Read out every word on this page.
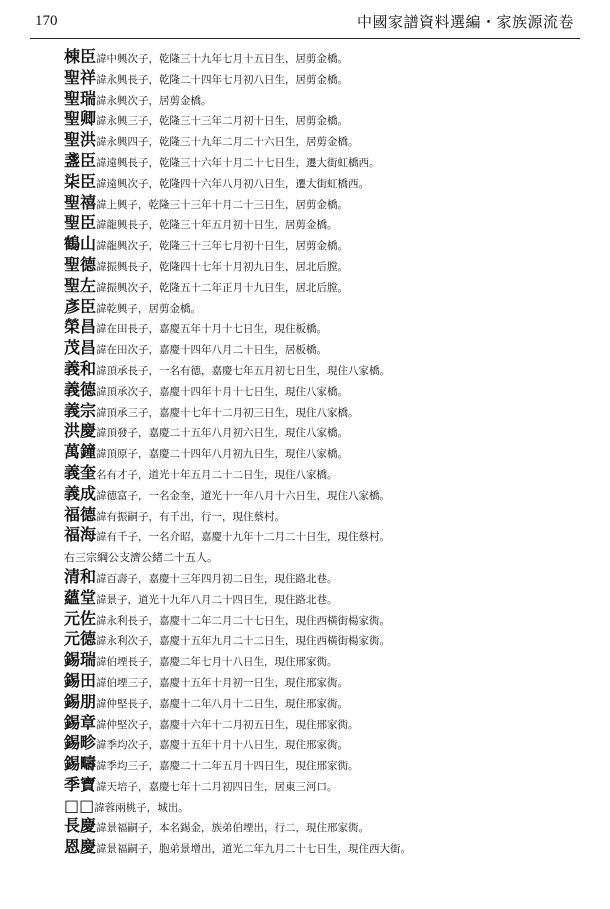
170	中國家譜資料選編・家族源流卷
棟臣諱中興次子，乾隆三十九年七月十五日生，居剪金橋。
聖祥諱永興長子，乾隆二十四年七月初八日生，居剪金橋。
聖瑞諱永興次子，居剪金橋。
聖卿諱永興三子，乾隆三十三年二月初十日生，居剪金橋。
聖洪諱永興四子，乾隆三十九年二月二十六日生，居剪金橋。
盞臣諱遠興長子，乾隆三十六年十月二十七日生，遷大街虹橋西。
柒臣諱遠興次子，乾隆四十六年八月初八日生，遷大街虹橋西。
聖禧諱上興子，乾隆三十三年十月二十三日生，居剪金橋。
聖臣諱龍興長子，乾隆三十年五月初十日生，居剪金橋。
鶴山諱龍興次子，乾隆三十三年七月初十日生，居剪金橋。
聖德諱振興長子，乾隆四十七年十月初九日生，居北后膛。
聖左諱振興次子，乾隆五十二年正月十九日生，居北后膛。
彥臣諱乾興子，居剪金橋。
榮昌諱在田長子，嘉慶五年十月十七日生，現住板橋。
茂昌諱在田次子，嘉慶十四年八月二十日生，居板橋。
義和諱頂承長子，一名有德，嘉慶七年五月初七日生，現住八家橋。
義德諱頂承次子，嘉慶十四年十月十七日生，現住八家橋。
義宗諱頂承三子，嘉慶十七年十二月初三日生，現住八家橋。
洪慶諱頂發子，嘉慶二十五年八月初六日生，現住八家橋。
萬鐘諱頂原子，嘉慶二十四年八月初九日生，現住八家橋。
義奎名有才子，道光十年五月二十二日生，現住八家橋。
義成諱德富子，一名金奎，道光十一年八月十六日生，現住八家橋。
福德諱有振嗣子，有千出，行一，現住蔡村。
福海諱有千子，一名介昭，嘉慶十九年十二月二十日生，現住蔡村。
右三宗綱公支濟公緒二十五人。
清和諱百壽子，嘉慶十三年四月初二日生，現住路北巷。
蘊堂諱景子，道光十九年八月二十四日生，現住路北巷。
元佐諱永利長子，嘉慶十二年二月二十七日生，現住西橫街楊家衖。
元德諱永利次子，嘉慶十五年九月二十二日生，現住西橫街楊家衖。
錫瑞諱伯堙長子，嘉慶二年七月十八日生，現住邢家衖。
錫田諱伯堙三子，嘉慶十五年十月初一日生，現住邢家衖。
錫朋諱仲堅長子，嘉慶十二年八月十二日生，現住邢家衖。
錫章諱仲堅次子，嘉慶十六年十二月初五日生，現住邢家衖。
錫畛諱季均次子，嘉慶十五年十月十八日生，現住邢家衖。
錫疇諱季均三子，嘉慶二十二年五月十四日生，現住邢家衖。
季寶諱天培子，嘉慶七年十二月初四日生，居東三河口。
□□諱蓉兩桃子，城出。
長慶諱景福嗣子，本名錫金，族弟伯堙出，行二，現住邢家衖。
恩慶諱景福嗣子，胞弟景增出，道光二年九月二十七日生，現住西大街。
